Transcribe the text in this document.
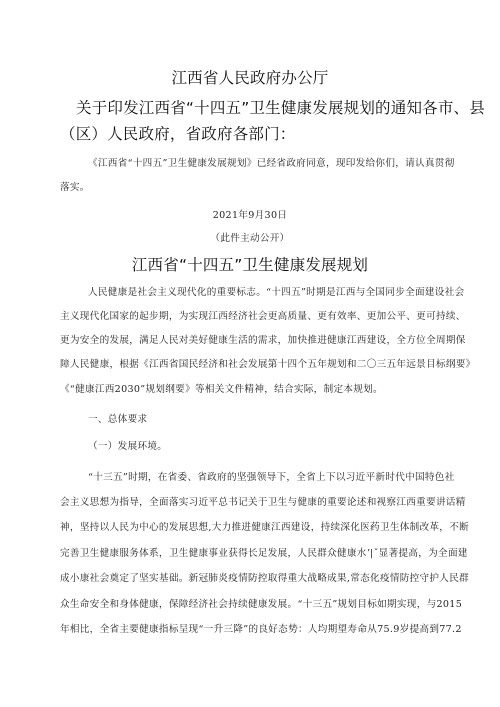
江西省人民政府办公厅
关于印发江西省“十四五”卫生健康发展规划的通知各市、县
（区）人民政府，省政府各部门：
《江西省“十四五”卫生健康发展规划》已经省政府同意，现印发给你们，请认真贯彻
落实。
2021年9月30日
（此件主动公开）
江西省“十四五”卫生健康发展规划
人民健康是社会主义现代化的重要标志。“十四五”时期是江西与全国同步全面建设社会
主义现代化国家的起步期，为实现江西经济社会更高质量、更有效率、更加公平、更可持续、
更为安全的发展，满足人民对美好健康生活的需求，加快推进健康江西建设，全方位全周期保
障人民健康，根据《江西省国民经济和社会发展第十四个五年规划和二〇三五年远景目标纲要》
《“健康江西2030”规划纲要》等相关文件精神，结合实际，制定本规划。
一、总体要求
（一）发展环境。
“十三五”时期，在省委、省政府的坚强领导下，全省上下以习近平新时代中国特色社
会主义思想为指导，全面落实习近平总书记关于卫生与健康的重要论述和视察江西重要讲话精
神，坚持以人民为中心的发展思想,大力推进健康江西建设，持续深化医药卫生体制改革，不断
完善卫生健康服务体系，卫生健康事业获得长足发展，人民群众健康水ʼ|ˇ显著提高，为全面建
成小康社会奠定了坚实基础。新冠肺炎疫情防控取得重大战略成果,常态化疫情防控守护人民群
众生命安全和身体健康，保障经济社会持续健康发展。“十三五”规划目标如期实现，与2015
年相比，全省主要健康指标呈现“一升三降”的良好态势：人均期望寿命从75.9岁提高到77.2
